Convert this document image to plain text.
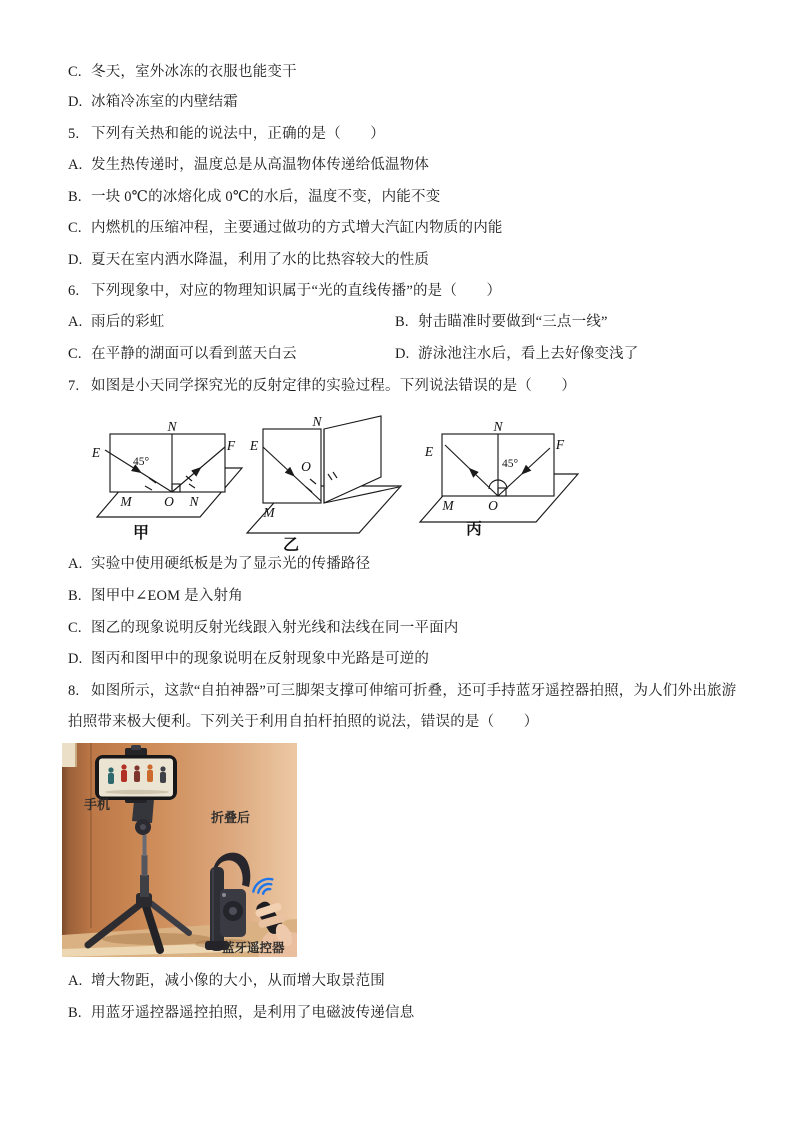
C. 冬天，室外冰冻的衣服也能变干
D. 冰箱冷冻室的内壁结霜
5. 下列有关热和能的说法中，正确的是（　　）
A. 发生热传递时，温度总是从高温物体传递给低温物体
B. 一块 0℃的冰熔化成 0℃的水后，温度不变，内能不变
C. 内燃机的压缩冲程，主要通过做功的方式增大汽缸内物质的内能
D. 夏天在室内洒水降温，利用了水的比热容较大的性质
6. 下列现象中，对应的物理知识属于“光的直线传播”的是（　　）
A. 雨后的彩虹	B. 射击瞄准时要做到“三点一线”
C. 在平静的湖面可以看到蓝天白云	D. 游泳池注水后，看上去好像变浅了
7. 如图是小天同学探究光的反射定律的实验过程。下列说法错误的是（　　）
N
E	F
45°
M O N
甲
N
E
O
M
乙
N
E	F
45°
M	O
丙
A. 实验中使用硬纸板是为了显示光的传播路径
B. 图甲中∠EOM 是入射角
C. 图乙的现象说明反射光线跟入射光线和法线在同一平面内
D. 图丙和图甲中的现象说明在反射现象中光路是可逆的
8. 如图所示，这款“自拍神器”可三脚架支撑可伸缩可折叠，还可手持蓝牙遥控器拍照，为人们外出旅游
拍照带来极大便利。下列关于利用自拍杆拍照的说法，错误的是（　　）
手机
折叠后
蓝牙遥控器
A. 增大物距，减小像的大小，从而增大取景范围
B. 用蓝牙遥控器遥控拍照，是利用了电磁波传递信息
